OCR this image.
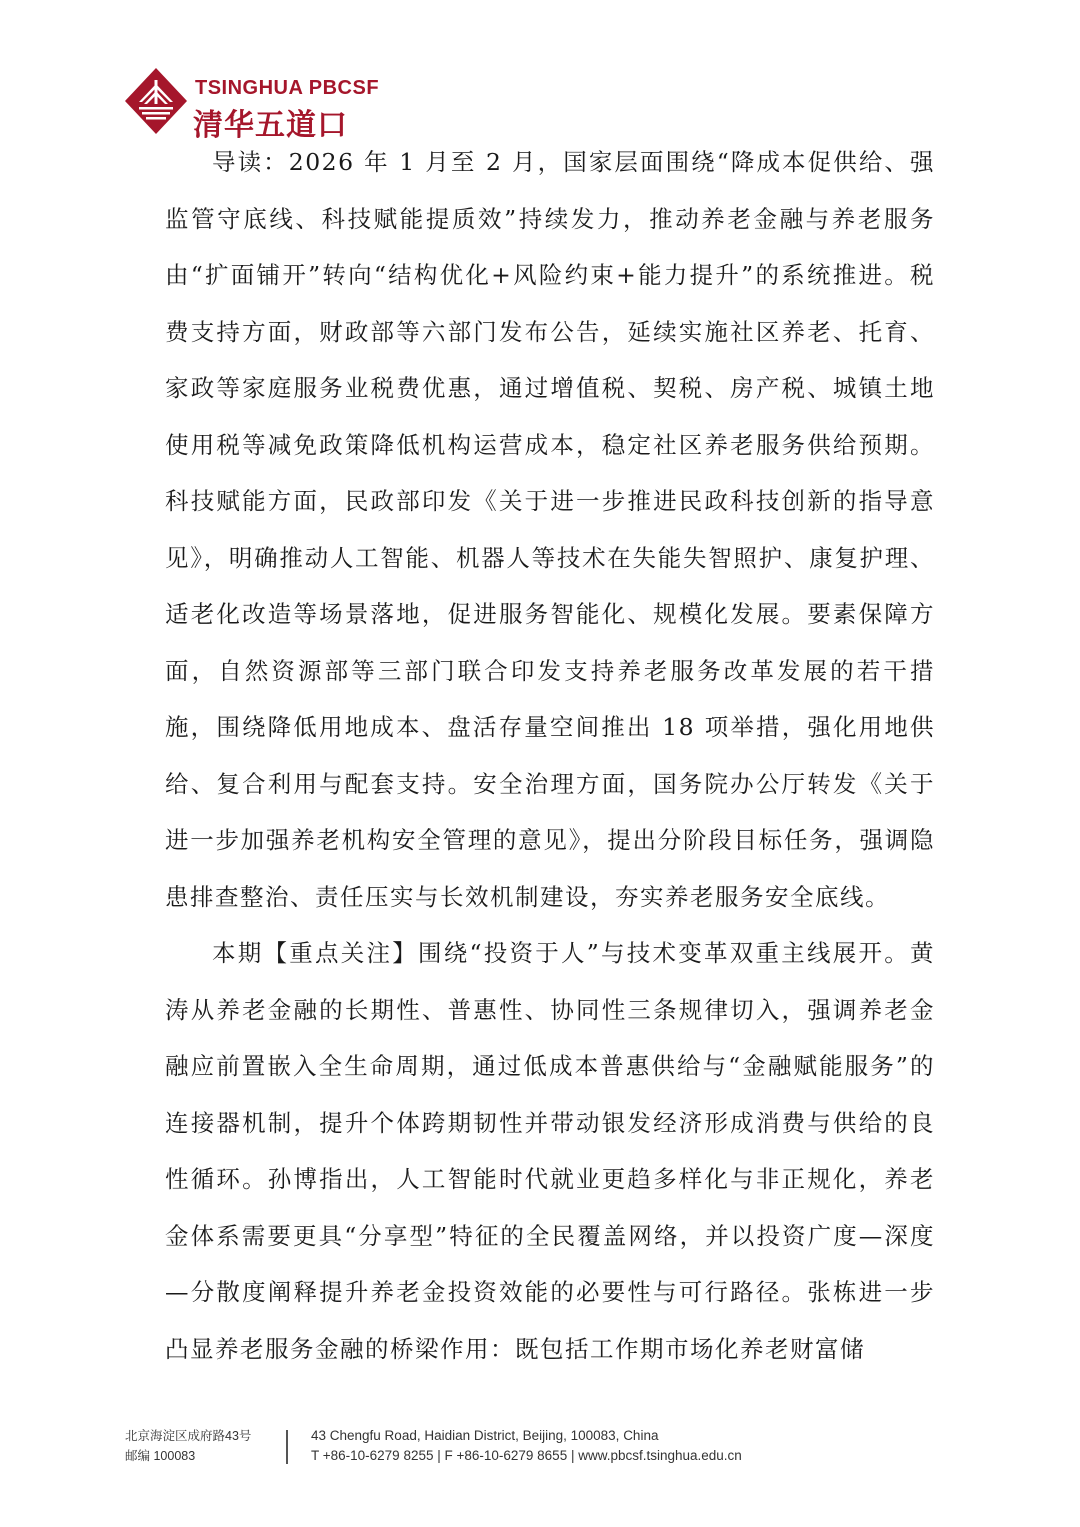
TSINGHUA PBCSF
清华五道口

导读：2026 年 1 月至 2 月，国家层面围绕“降成本促供给、强监管守底线、科技赋能提质效”持续发力，推动养老金融与养老服务由“扩面铺开”转向“结构优化+风险约束+能力提升”的系统推进。税费支持方面，财政部等六部门发布公告，延续实施社区养老、托育、家政等家庭服务业税费优惠，通过增值税、契税、房产税、城镇土地使用税等减免政策降低机构运营成本，稳定社区养老服务供给预期。科技赋能方面，民政部印发《关于进一步推进民政科技创新的指导意见》，明确推动人工智能、机器人等技术在失能失智照护、康复护理、适老化改造等场景落地，促进服务智能化、规模化发展。要素保障方面，自然资源部等三部门联合印发支持养老服务改革发展的若干措施，围绕降低用地成本、盘活存量空间推出 18 项举措，强化用地供给、复合利用与配套支持。安全治理方面，国务院办公厅转发《关于进一步加强养老机构安全管理的意见》，提出分阶段目标任务，强调隐患排查整治、责任压实与长效机制建设，夯实养老服务安全底线。

本期【重点关注】围绕“投资于人”与技术变革双重主线展开。黄涛从养老金融的长期性、普惠性、协同性三条规律切入，强调养老金融应前置嵌入全生命周期，通过低成本普惠供给与“金融赋能服务”的连接器机制，提升个体跨期韧性并带动银发经济形成消费与供给的良性循环。孙博指出，人工智能时代就业更趋多样化与非正规化，养老金体系需要更具“分享型”特征的全民覆盖网络，并以投资广度—深度—分散度阐释提升养老金投资效能的必要性与可行路径。张栋进一步凸显养老服务金融的桥梁作用：既包括工作期市场化养老财富储

北京海淀区成府路43号
邮编 100083
43 Chengfu Road, Haidian District, Beijing, 100083, China
T +86-10-6279 8255 | F +86-10-6279 8655 | www.pbcsf.tsinghua.edu.cn
